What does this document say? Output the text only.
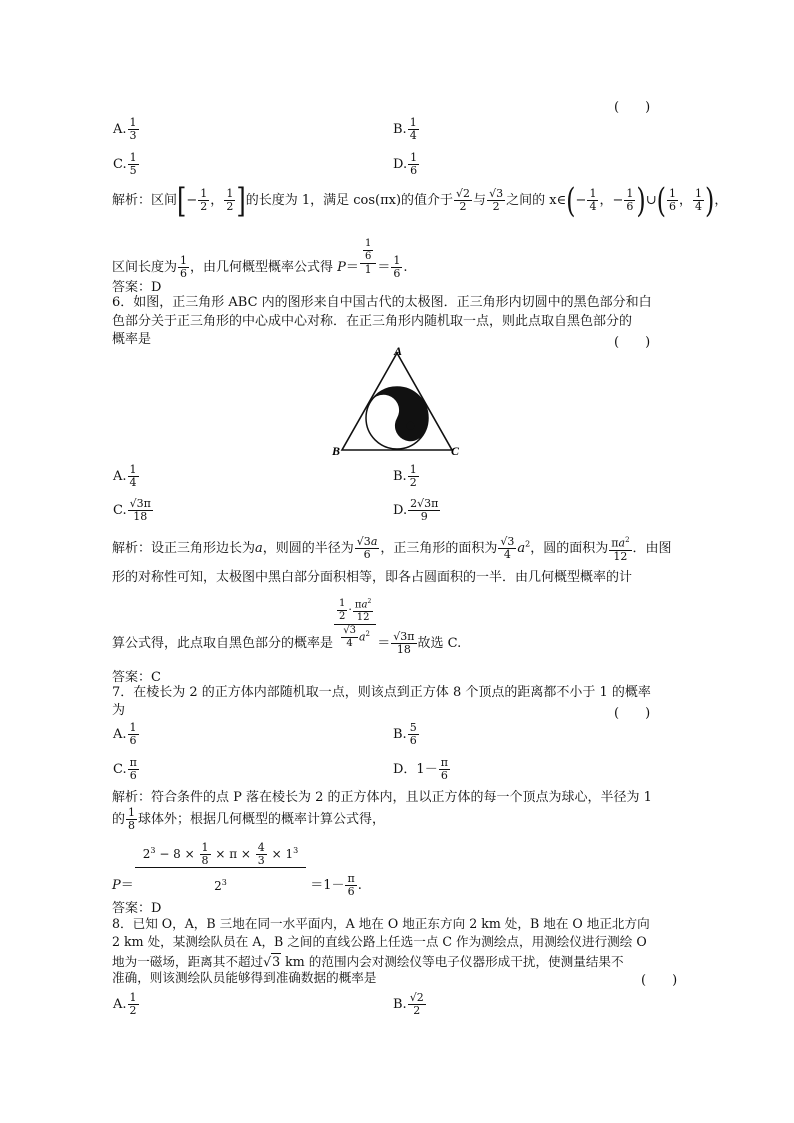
(　　)
A. $\frac{1}{3}$	B. $\frac{1}{4}$
C. $\frac{1}{5}$	D. $\frac{1}{6}$
解析：区间[− $\frac{1}{2}$ ， $\frac{1}{2}$ ]的长度为 1，满足 cos(πx)的值介于 $\frac{√2}{2}$ 与 $\frac{√3}{2}$ 之间的 x∈(− $\frac{1}{4}$ ，− $\frac{1}{6}$ )∪( $\frac{1}{6}$ ， $\frac{1}{4}$ )，
区间长度为 $\frac{1}{6}$ ，由几何概型概率公式得 $P= \frac{\frac{1}{6}}{1} = \frac{1}{6}$ .
答案：D
6．如图，正三角形 ABC 内的图形来自中国古代的太极图．正三角形内切圆中的黑色部分和白
色部分关于正三角形的中心成中心对称．在正三角形内随机取一点，则此点取自黑色部分的
概率是	(　　)
A
B	C
A. $\frac{1}{4}$	B. $\frac{1}{2}$
C. $\frac{√3\pi}{18}$	D. $\frac{2√3\pi}{9}$
解析：设正三角形边长为a，则圆的半径为 $\frac{√3a}{6}$ ，正三角形的面积为 $\frac{√3}{4} a^2$，圆的面积为 $\frac{\pi a^2}{12}$ ．由图
形的对称性可知，太极图中黑白部分面积相等，即各占圆面积的一半．由几何概型概率的计
算公式得，此点取自黑色部分的概率是 $\frac{\frac{1}{2} \cdot \frac{\pi a^2}{12}}{\frac{√3}{4} a^2} = \frac{√3\pi}{18}$ 故选 C.
答案：C
7．在棱长为 2 的正方体内部随机取一点，则该点到正方体 8 个顶点的距离都不小于 1 的概率
为	(　　)
A. $\frac{1}{6}$	B. $\frac{5}{6}$
C. $\frac{\pi}{6}$	D．$1- \frac{\pi}{6}$
解析：符合条件的点 P 落在棱长为 2 的正方体内，且以正方体的每一个顶点为球心，半径为 1
的 $\frac{1}{8}$ 球体外；根据几何概型的概率计算公式得，
$P= \frac{2^3 - 8 \times \frac{1}{8} \times \pi \times \frac{4}{3} \times 1^3}{2^3} =1- \frac{\pi}{6}$ .
答案：D
8．已知 O，A，B 三地在同一水平面内，A 地在 O 地正东方向 2 km 处，B 地在 O 地正北方向
2 km 处，某测绘队员在 A，B 之间的直线公路上任选一点 C 作为测绘点，用测绘仪进行测绘 O
地为一磁场，距离其不超过√3 km 的范围内会对测绘仪等电子仪器形成干扰，使测量结果不
准确，则该测绘队员能够得到准确数据的概率是	(　　)
A. $\frac{1}{2}$	B. $\frac{√2}{2}$
